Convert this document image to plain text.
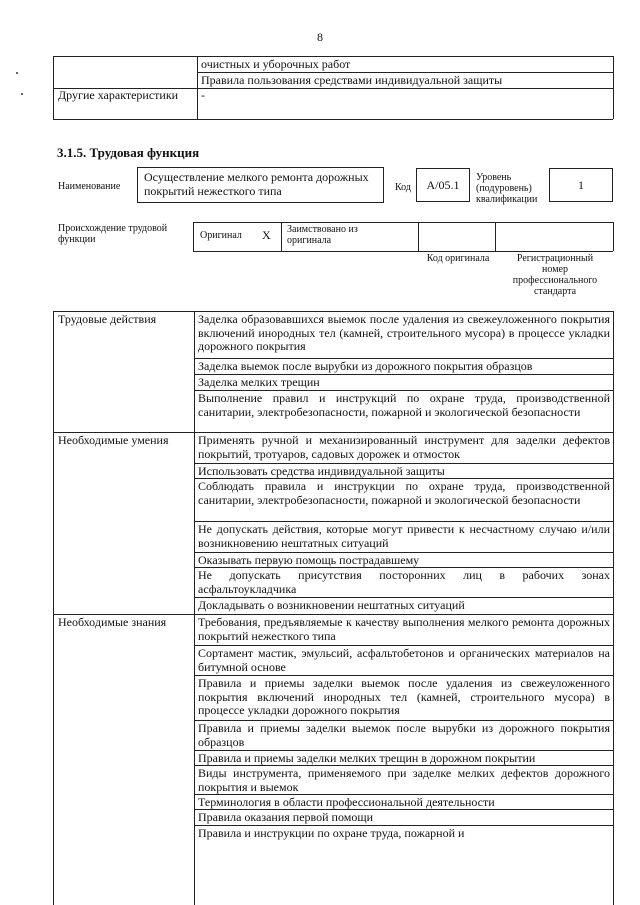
8
очистных и уборочных работ
Правила пользования средствами индивидуальной защиты
Другие характеристики	-
3.1.5. Трудовая функция
Наименование
Осуществление мелкого ремонта дорожных покрытий нежесткого типа	Код	А/05.1
Уровень (подуровень) квалификации
1
Происхождение трудовой функции	Оригинал Х Заимствовано из оригинала
Код оригинала	Регистрационный номер профессионального стандарта
Трудовые действия	Заделка образовавшихся выемок после удаления из свежеуложенного покрытия включений инородных тел (камней, строительного мусора) в процессе укладки дорожного покрытия
Заделка выемок после вырубки из дорожного покрытия образцов
Заделка мелких трещин
Выполнение правил и инструкций по охране труда, производственной санитарии, электробезопасности, пожарной и экологической безопасности
Необходимые умения	Применять ручной и механизированный инструмент для заделки дефектов покрытий, тротуаров, садовых дорожек и отмосток
Использовать средства индивидуальной защиты
Соблюдать правила и инструкции по охране труда, производственной санитарии, электробезопасности, пожарной и экологической безопасности
Не допускать действия, которые могут привести к несчастному случаю и/или возникновению нештатных ситуаций
Оказывать первую помощь пострадавшему
Не допускать присутствия посторонних лиц в рабочих зонах асфальтоукладчика
Докладывать о возникновении нештатных ситуаций
Необходимые знания	Требования, предъявляемые к качеству выполнения мелкого ремонта дорожных покрытий нежесткого типа
Сортамент мастик, эмульсий, асфальтобетонов и органических материалов на битумной основе
Правила и приемы заделки выемок после удаления из свежеуложенного покрытия включений инородных тел (камней, строительного мусора) в процессе укладки дорожного покрытия
Правила и приемы заделки выемок после вырубки из дорожного покрытия образцов
Правила и приемы заделки мелких трещин в дорожном покрытии
Виды инструмента, применяемого при заделке мелких дефектов дорожного покрытия и выемок
Терминология в области профессиональной деятельности
Правила оказания первой помощи
Правила и инструкции по охране труда, пожарной и
